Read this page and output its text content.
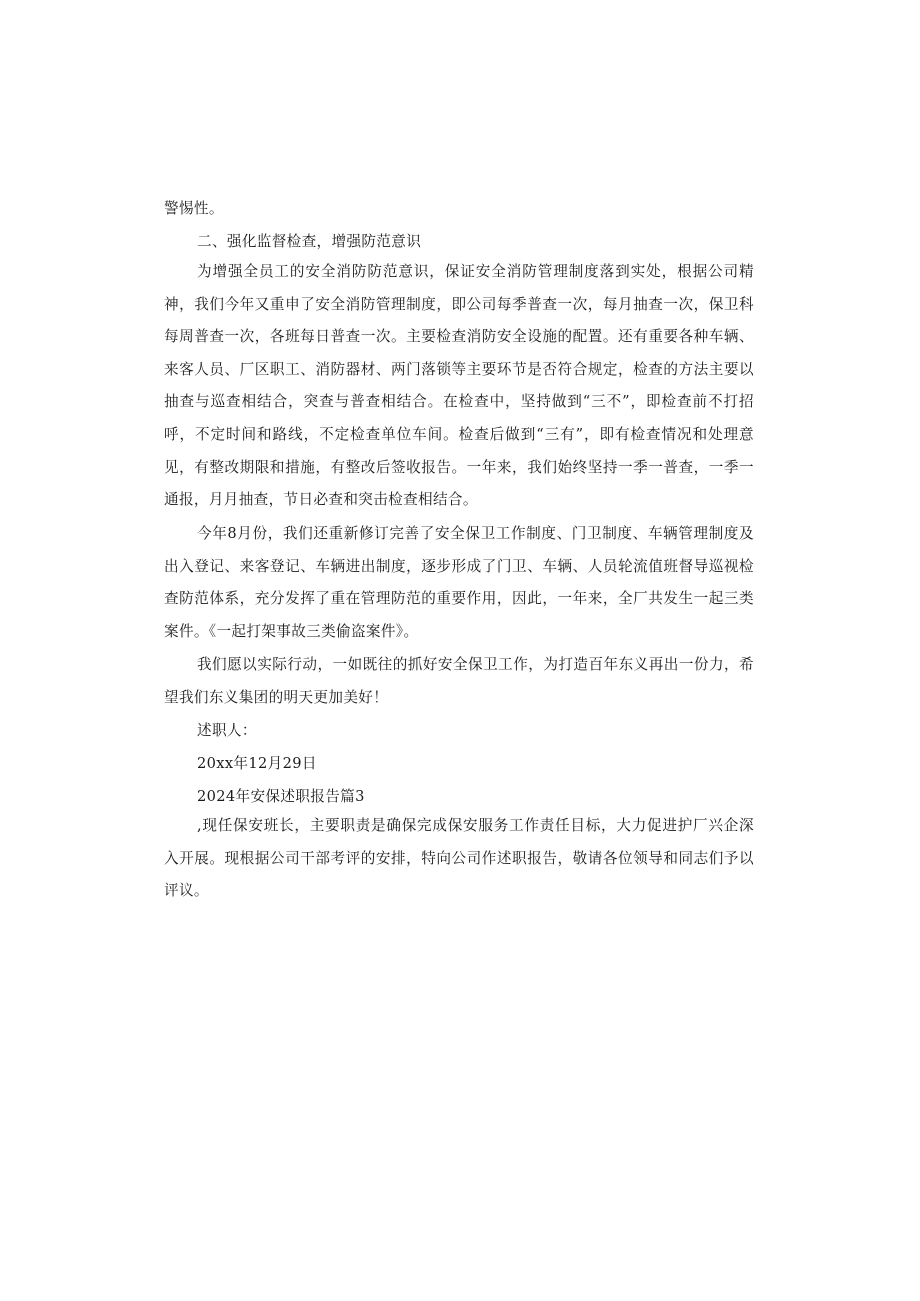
警惕性。

二、强化监督检查，增强防范意识

为增强全员工的安全消防防范意识，保证安全消防管理制度落到实处，根据公司精神，我们今年又重申了安全消防管理制度，即公司每季普查一次，每月抽查一次，保卫科每周普查一次，各班每日普查一次。主要检查消防安全设施的配置。还有重要各种车辆、来客人员、厂区职工、消防器材、两门落锁等主要环节是否符合规定，检查的方法主要以抽查与巡查相结合，突查与普查相结合。在检查中，坚持做到“三不”，即检查前不打招呼，不定时间和路线，不定检查单位车间。检查后做到“三有”，即有检查情况和处理意见，有整改期限和措施，有整改后签收报告。一年来，我们始终坚持一季一普查，一季一通报，月月抽查，节日必查和突击检查相结合。

今年8月份，我们还重新修订完善了安全保卫工作制度、门卫制度、车辆管理制度及出入登记、来客登记、车辆进出制度，逐步形成了门卫、车辆、人员轮流值班督导巡视检查防范体系，充分发挥了重在管理防范的重要作用，因此，一年来，全厂共发生一起三类案件。《一起打架事故三类偷盗案件》。

我们愿以实际行动，一如既往的抓好安全保卫工作，为打造百年东义再出一份力，希望我们东义集团的明天更加美好！

述职人：

20xx年12月29日

2024年安保述职报告篇3

,现任保安班长，主要职责是确保完成保安服务工作责任目标，大力促进护厂兴企深入开展。现根据公司干部考评的安排，特向公司作述职报告，敬请各位领导和同志们予以评议。
